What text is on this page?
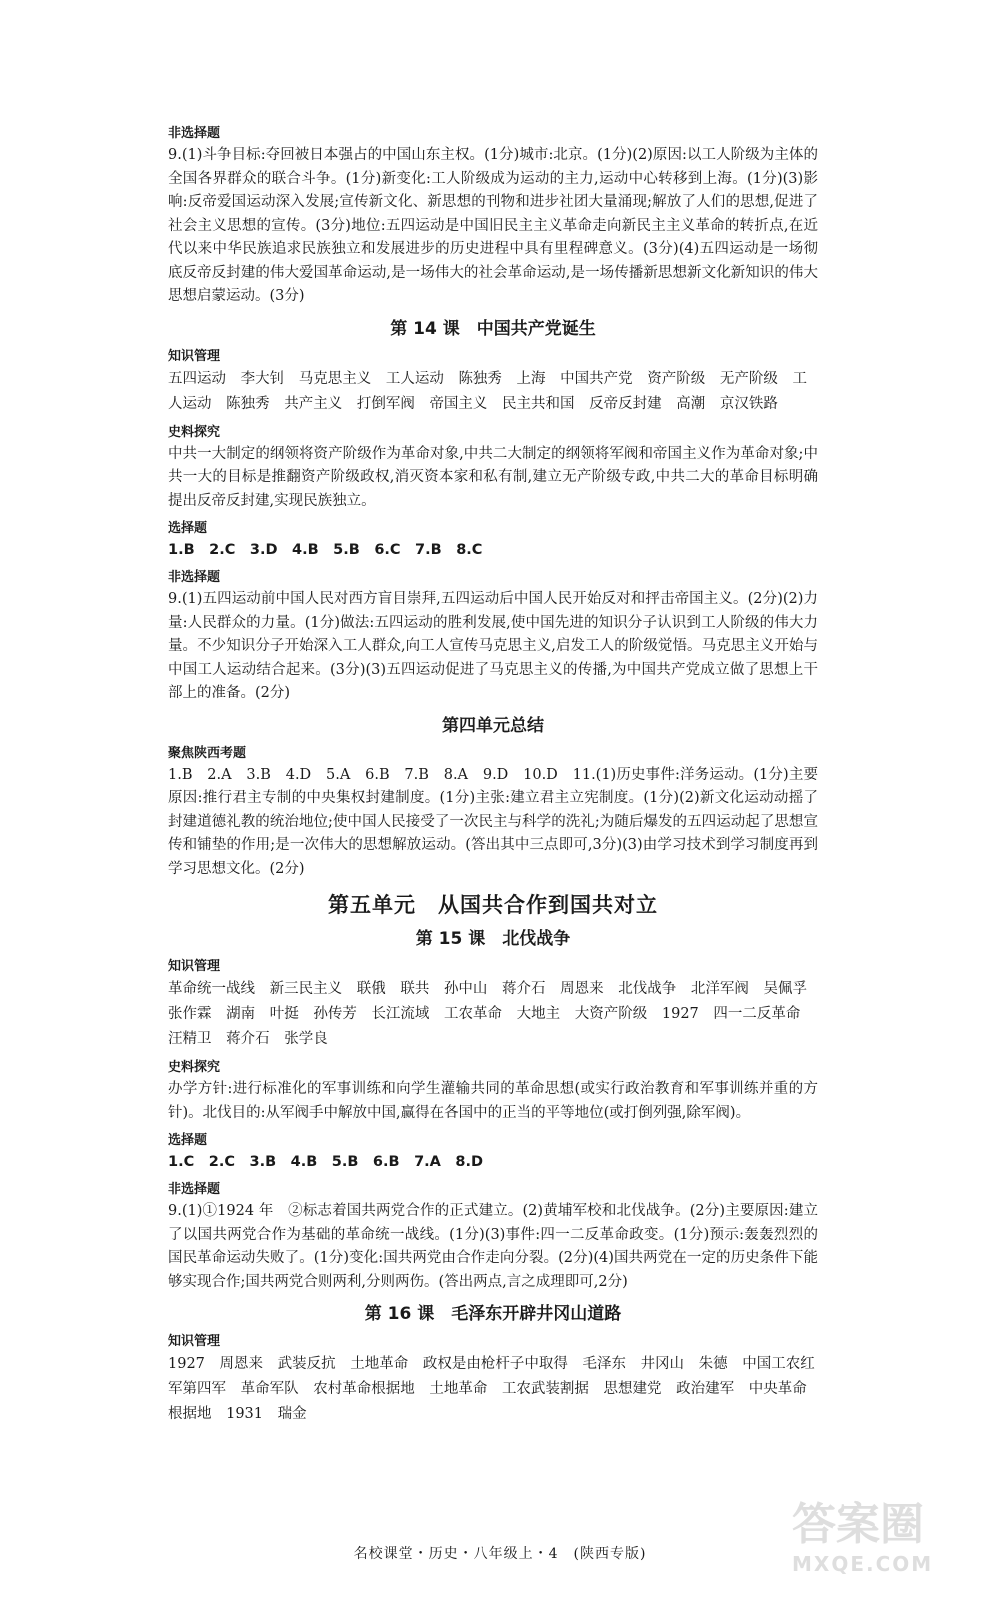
非选择题

9.(1)斗争目标:夺回被日本强占的中国山东主权。(1分)城市:北京。(1分)(2)原因:以工人阶级为主体的全国各界群众的联合斗争。(1分)新变化:工人阶级成为运动的主力,运动中心转移到上海。(1分)(3)影响:反帝爱国运动深入发展;宣传新文化、新思想的刊物和进步社团大量涌现;解放了人们的思想,促进了社会主义思想的宣传。(3分)地位:五四运动是中国旧民主主义革命走向新民主主义革命的转折点,在近代以来中华民族追求民族独立和发展进步的历史进程中具有里程碑意义。(3分)(4)五四运动是一场彻底反帝反封建的伟大爱国革命运动,是一场伟大的社会革命运动,是一场传播新思想新文化新知识的伟大思想启蒙运动。(3分)

第 14 课　中国共产党诞生
知识管理

五四运动 李大钊 马克思主义 工人运动 陈独秀 上海 中国共产党 资产阶级 无产阶级 工人运动 陈独秀 共产主义 打倒军阀 帝国主义 民主共和国 反帝反封建 高潮 京汉铁路

史料探究

中共一大制定的纲领将资产阶级作为革命对象,中共二大制定的纲领将军阀和帝国主义作为革命对象;中共一大的目标是推翻资产阶级政权,消灭资本家和私有制,建立无产阶级专政,中共二大的革命目标明确提出反帝反封建,实现民族独立。

选择题

1.B　2.C　3.D　4.B　5.B　6.C　7.B　8.C

非选择题

9.(1)五四运动前中国人民对西方盲目崇拜,五四运动后中国人民开始反对和抨击帝国主义。(2分)(2)力量:人民群众的力量。(1分)做法:五四运动的胜利发展,使中国先进的知识分子认识到工人阶级的伟大力量。不少知识分子开始深入工人群众,向工人宣传马克思主义,启发工人的阶级觉悟。马克思主义开始与中国工人运动结合起来。(3分)(3)五四运动促进了马克思主义的传播,为中国共产党成立做了思想上干部上的准备。(2分)

第四单元总结
聚焦陕西考题

1.B　2.A　3.B　4.D　5.A　6.B　7.B　8.A　9.D　10.D　11.(1)历史事件:洋务运动。(1分)主要原因:推行君主专制的中央集权封建制度。(1分)主张:建立君主立宪制度。(1分)(2)新文化运动动摇了封建道德礼教的统治地位;使中国人民接受了一次民主与科学的洗礼;为随后爆发的五四运动起了思想宣传和铺垫的作用;是一次伟大的思想解放运动。(答出其中三点即可,3分)(3)由学习技术到学习制度再到学习思想文化。(2分)

第五单元　从国共合作到国共对立
第 15 课　北伐战争
知识管理

革命统一战线 新三民主义 联俄 联共 孙中山 蒋介石 周恩来 北伐战争 北洋军阀 吴佩孚 张作霖 湖南 叶挺 孙传芳 长江流域 工农革命 大地主 大资产阶级 1927 四一二反革命 汪精卫 蒋介石 张学良

史料探究

办学方针:进行标准化的军事训练和向学生灌输共同的革命思想(或实行政治教育和军事训练并重的方针)。北伐目的:从军阀手中解放中国,赢得在各国中的正当的平等地位(或打倒列强,除军阀)。

选择题

1.C　2.C　3.B　4.B　5.B　6.B　7.A　8.D

非选择题

9.(1)①1924 年　②标志着国共两党合作的正式建立。(2)黄埔军校和北伐战争。(2分)主要原因:建立了以国共两党合作为基础的革命统一战线。(1分)(3)事件:四一二反革命政变。(1分)预示:轰轰烈烈的国民革命运动失败了。(1分)变化:国共两党由合作走向分裂。(2分)(4)国共两党在一定的历史条件下能够实现合作;国共两党合则两利,分则两伤。(答出两点,言之成理即可,2分)

第 16 课　毛泽东开辟井冈山道路
知识管理

1927 周恩来 武装反抗 土地革命 政权是由枪杆子中取得 毛泽东 井冈山 朱德 中国工农红军第四军 革命军队 农村革命根据地 土地革命 工农武装割据 思想建党 政治建军 中央革命根据地 1931 瑞金

名校课堂・历史・八年级上・4　(陕西专版)
答案圈
MXQE.COM
